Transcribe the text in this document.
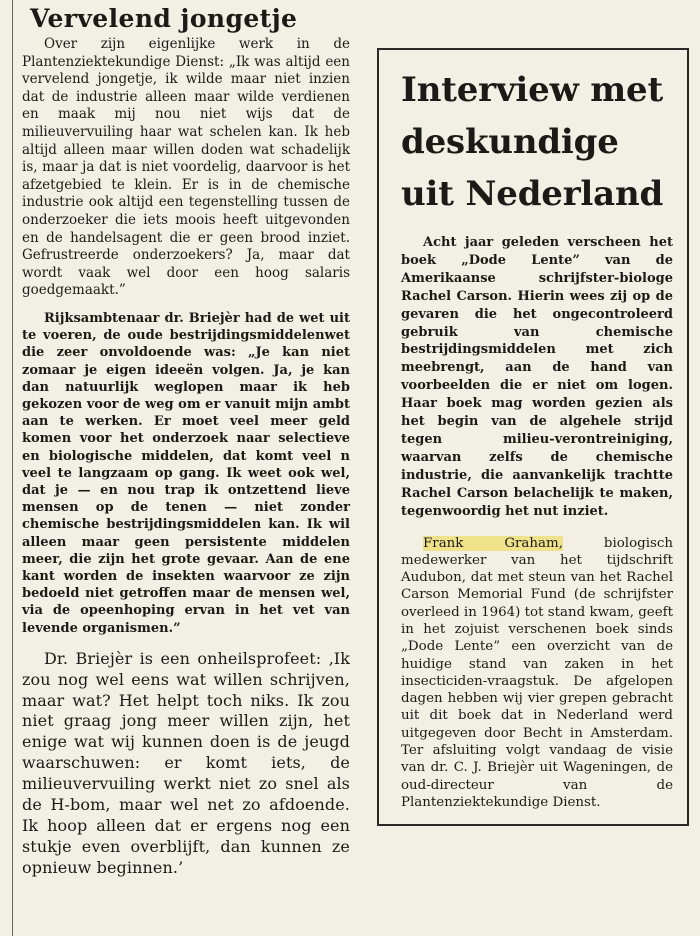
Vervelend jongetje

Over zijn eigenlijke werk in de Plantenziektekundige Dienst: „Ik was altijd een vervelend jongetje, ik wilde maar niet inzien dat de industrie alleen maar wilde verdienen en maak mij nou niet wijs dat de milieuvervuiling haar wat schelen kan. Ik heb altijd alleen maar willen doden wat schadelijk is, maar ja dat is niet voordelig, daarvoor is het afzetgebied te klein. Er is in de chemische industrie ook altijd een tegenstelling tussen de onderzoeker die iets moois heeft uitgevonden en de handelsagent die er geen brood inziet. Gefrustreerde onderzoekers? Ja, maar dat wordt vaak wel door een hoog salaris goedgemaakt.”

Rijksambtenaar dr. Briejèr had de wet uit te voeren, de oude bestrijdingsmiddelenwet die zeer onvoldoende was: „Je kan niet zomaar je eigen ideeën volgen. Ja, je kan dan natuurlijk weglopen maar ik heb gekozen voor de weg om er vanuit mijn ambt aan te werken. Er moet veel meer geld komen voor het onderzoek naar selectieve en biologische middelen, dat komt veel n veel te langzaam op gang. Ik weet ook wel, dat je — en nou trap ik ontzettend lieve mensen op de tenen — niet zonder chemische bestrijdingsmiddelen kan. Ik wil alleen maar geen persistente middelen meer, die zijn het grote gevaar. Aan de ene kant worden de insekten waarvoor ze zijn bedoeld niet getroffen maar de mensen wel, via de opeenhoping ervan in het vet van levende organismen.”

Dr. Briejèr is een onheilsprofeet: ‚Ik zou nog wel eens wat willen schrijven, maar wat? Het helpt toch niks. Ik zou niet graag jong meer willen zijn, het enige wat wij kunnen doen is de jeugd waarschuwen: er komt iets, de milieuvervuiling werkt niet zo snel als de H-bom, maar wel net zo afdoende. Ik hoop alleen dat er ergens nog een stukje even overblijft, dan kunnen ze opnieuw beginnen.’

Interview met deskundige uit Nederland

Acht jaar geleden verscheen het boek „Dode Lente” van de Amerikaanse schrijfster-biologe Rachel Carson. Hierin wees zij op de gevaren die het ongecontroleerd gebruik van chemische bestrijdingsmiddelen met zich meebrengt, aan de hand van voorbeelden die er niet om logen. Haar boek mag worden gezien als het begin van de algehele strijd tegen milieu-verontreiniging, waarvan zelfs de chemische industrie, die aanvankelijk trachtte Rachel Carson belachelijk te maken, tegenwoordig het nut inziet.

Frank Graham, biologisch medewerker van het tijdschrift Audubon, dat met steun van het Rachel Carson Memorial Fund (de schrijfster overleed in 1964) tot stand kwam, geeft in het zojuist verschenen boek sinds „Dode Lente” een overzicht van de huidige stand van zaken in het insecticiden-vraagstuk. De afgelopen dagen hebben wij vier grepen gebracht uit dit boek dat in Nederland werd uitgegeven door Becht in Amsterdam. Ter afsluiting volgt vandaag de visie van dr. C. J. Briejèr uit Wageningen, de oud-directeur van de Plantenziektekundige Dienst.
